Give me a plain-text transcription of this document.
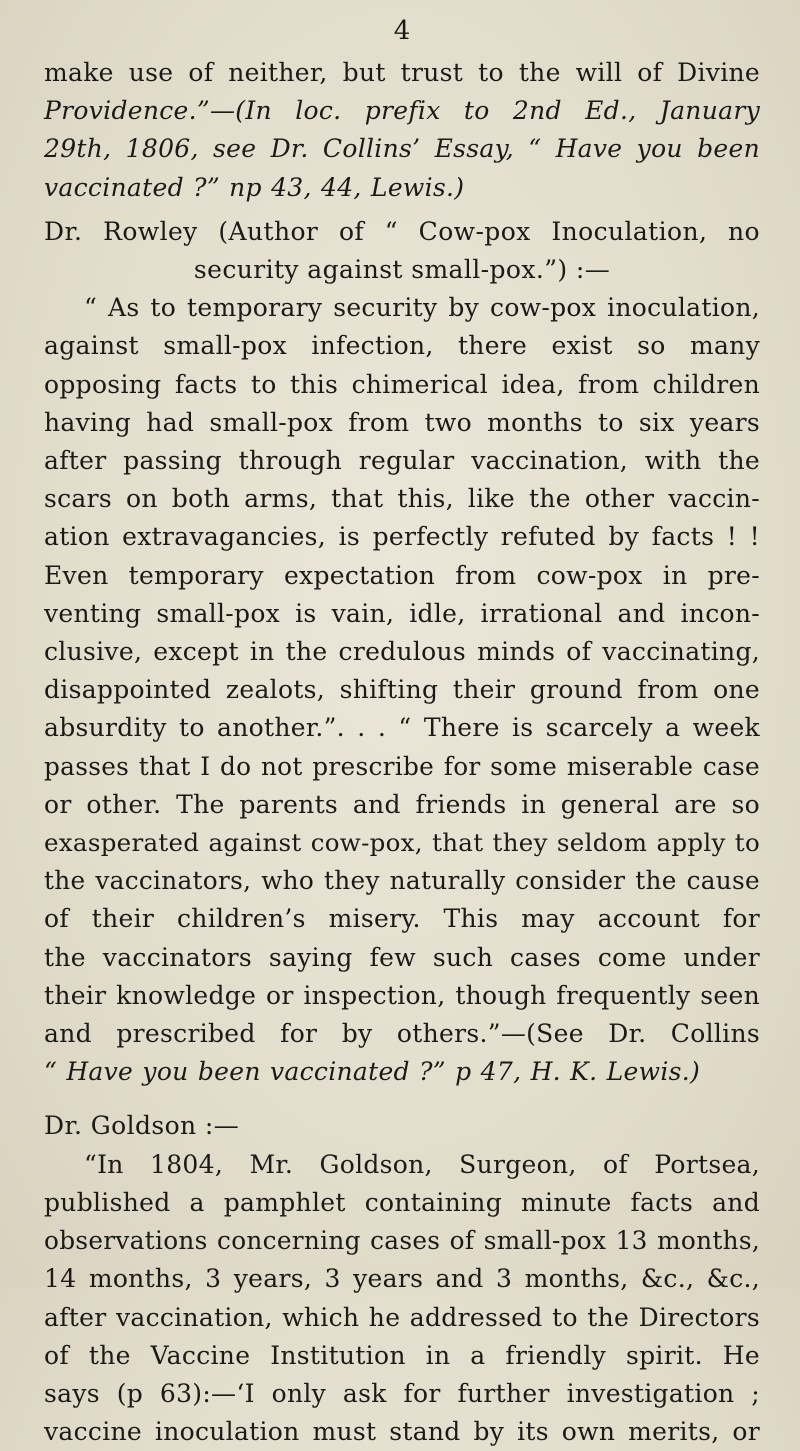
4
make use of neither, but trust to the will of Divine
Providence.”—(In loc. prefix to 2nd Ed., January
29th, 1806, see Dr. Collins’ Essay, “ Have you been
vaccinated ?” np 43, 44, Lewis.)
Dr. Rowley (Author of “ Cow-pox Inoculation, no
security against small-pox.”) :—
“ As to temporary security by cow-pox inoculation,
against small-pox infection, there exist so many
opposing facts to this chimerical idea, from children
having had small-pox from two months to six years
after passing through regular vaccination, with the
scars on both arms, that this, like the other vaccin-
ation extravagancies, is perfectly refuted by facts ! !
Even temporary expectation from cow-pox in pre-
venting small-pox is vain, idle, irrational and incon-
clusive, except in the credulous minds of vaccinating,
disappointed zealots, shifting their ground from one
absurdity to another.”. . . “ There is scarcely a week
passes that I do not prescribe for some miserable case
or other. The parents and friends in general are so
exasperated against cow-pox, that they seldom apply to
the vaccinators, who they naturally consider the cause
of their children’s misery. This may account for
the vaccinators saying few such cases come under
their knowledge or inspection, though frequently seen
and prescribed for by others.”—(See Dr. Collins
“ Have you been vaccinated ?” p 47, H. K. Lewis.)
Dr. Goldson :—
“In 1804, Mr. Goldson, Surgeon, of Portsea,
published a pamphlet containing minute facts and
observations concerning cases of small-pox 13 months,
14 months, 3 years, 3 years and 3 months, &c., &c.,
after vaccination, which he addressed to the Directors
of the Vaccine Institution in a friendly spirit. He
says (p 63):—‘I only ask for further investigation ;
vaccine inoculation must stand by its own merits, or
